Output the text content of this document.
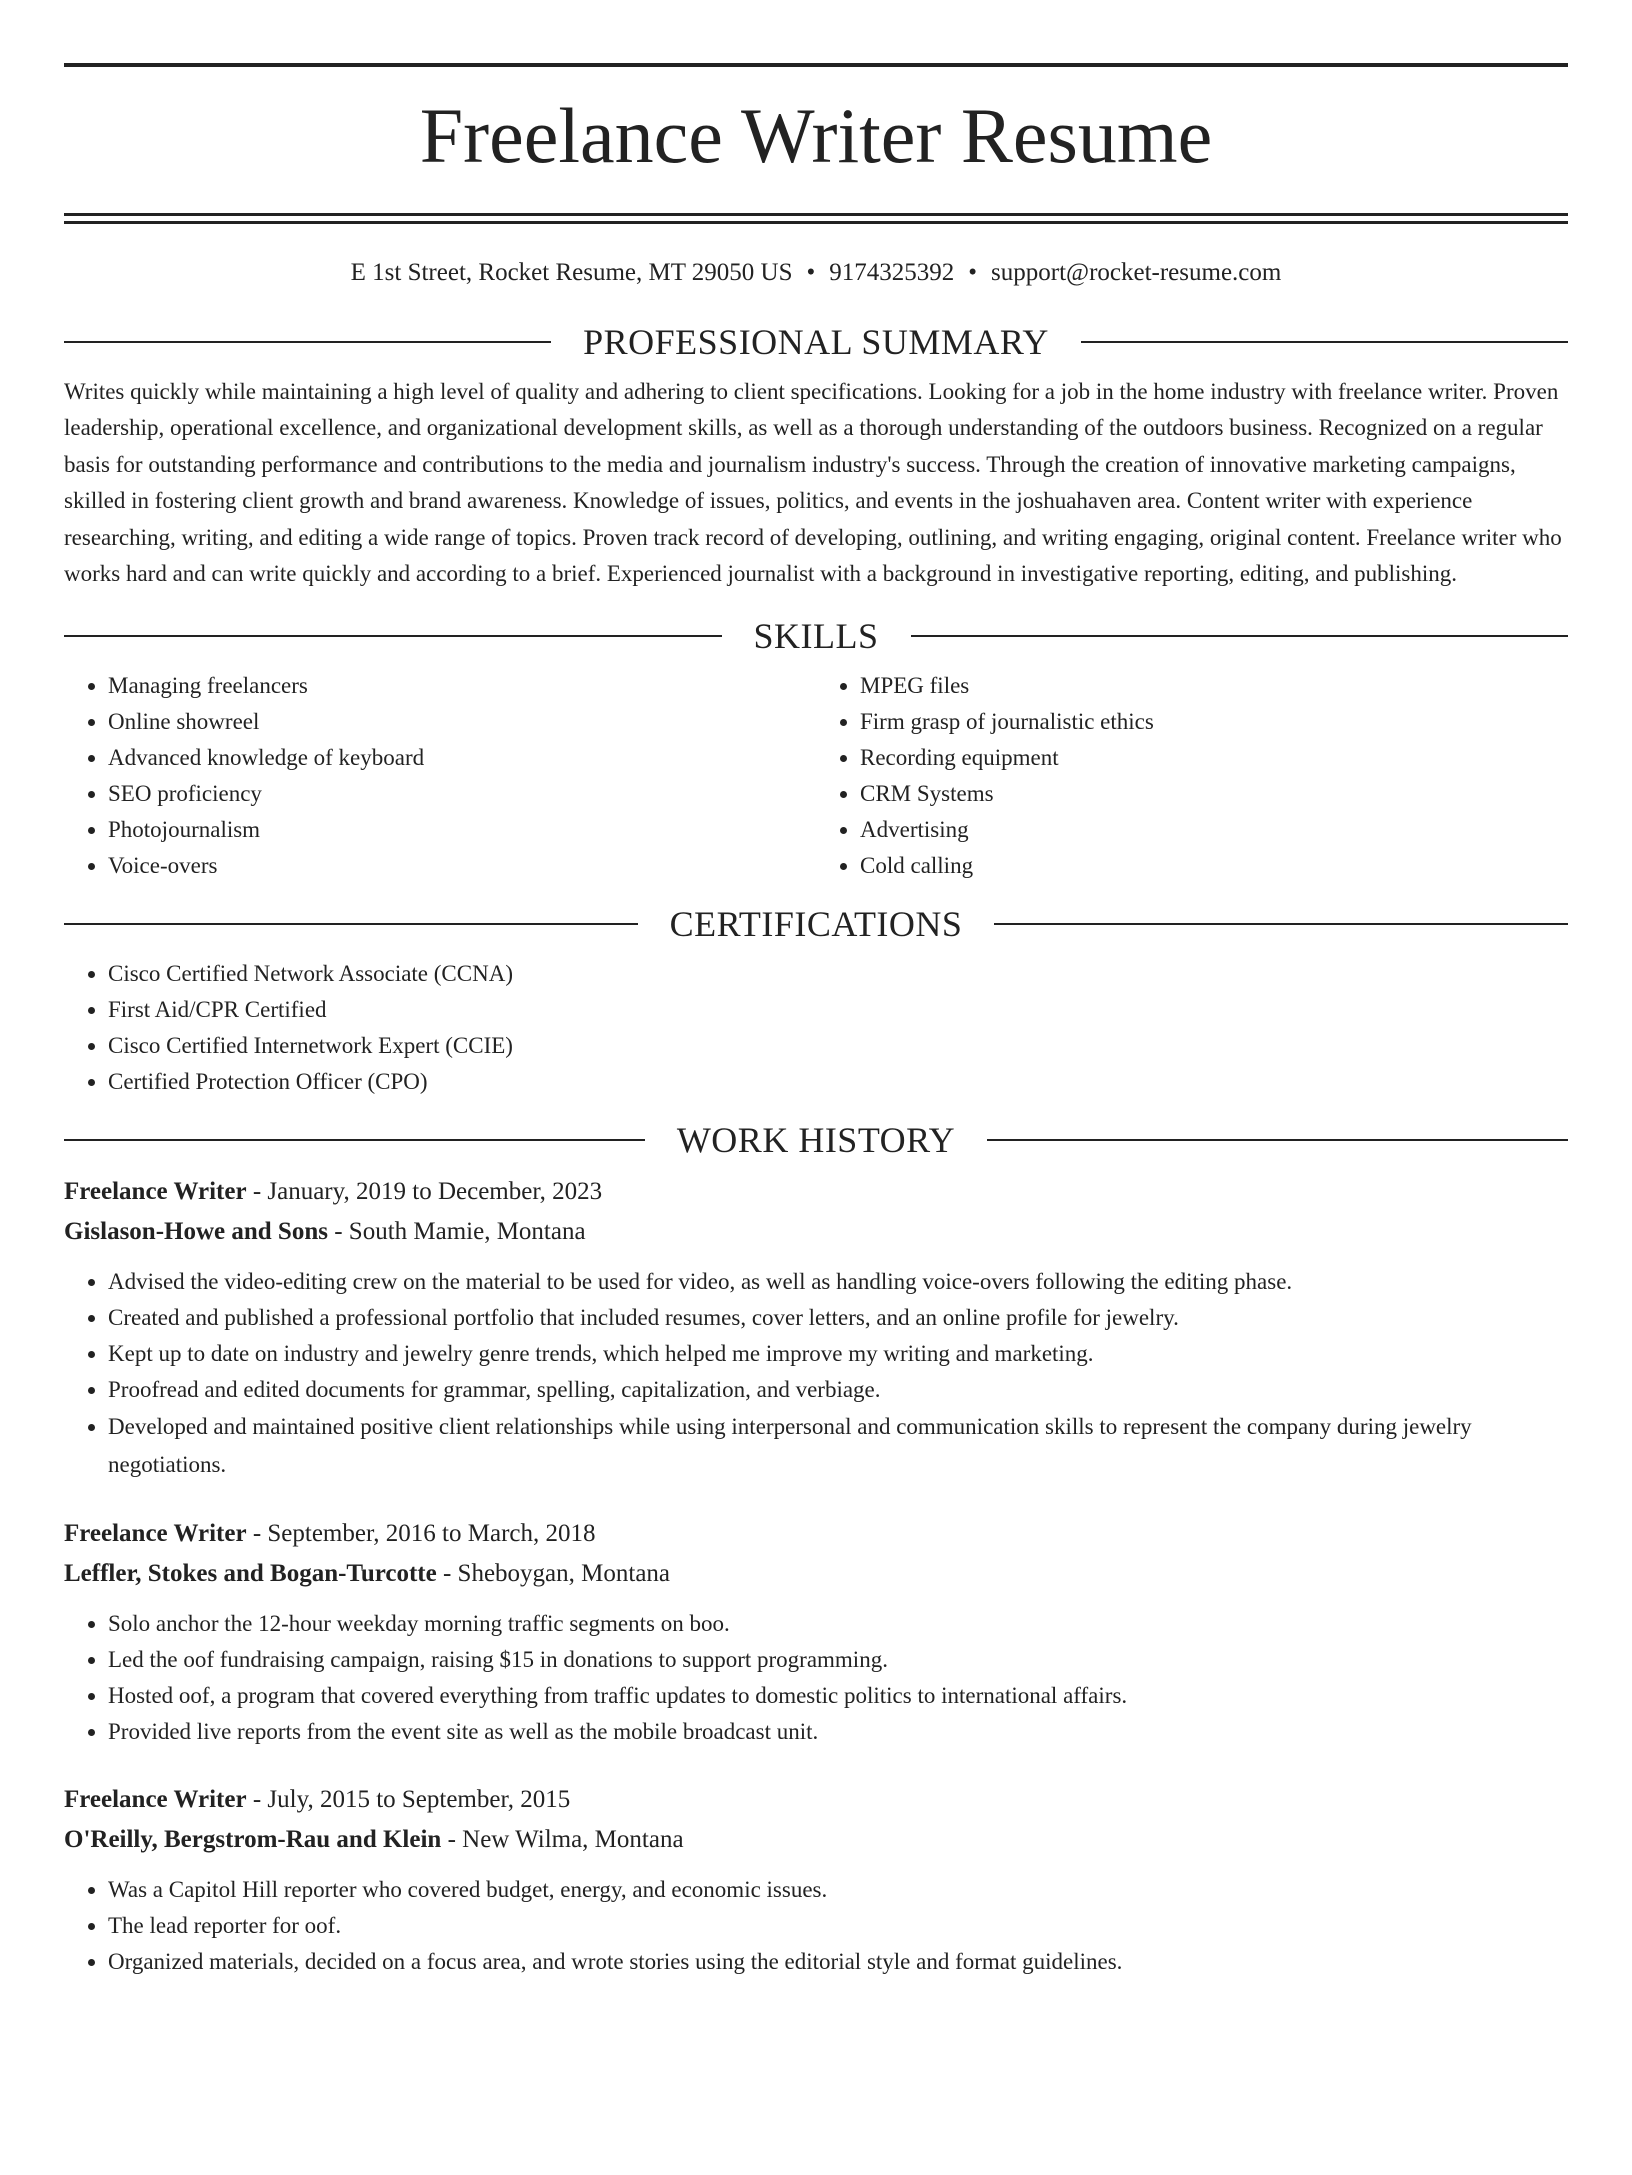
Freelance Writer Resume
E 1st Street, Rocket Resume, MT 29050 US • 9174325392 • support@rocket-resume.com
PROFESSIONAL SUMMARY

Writes quickly while maintaining a high level of quality and adhering to client specifications. Looking for a job in the home industry with freelance writer. Proven leadership, operational excellence, and organizational development skills, as well as a thorough understanding of the outdoors business. Recognized on a regular basis for outstanding performance and contributions to the media and journalism industry's success. Through the creation of innovative marketing campaigns, skilled in fostering client growth and brand awareness. Knowledge of issues, politics, and events in the joshuahaven area. Content writer with experience researching, writing, and editing a wide range of topics. Proven track record of developing, outlining, and writing engaging, original content. Freelance writer who works hard and can write quickly and according to a brief. Experienced journalist with a background in investigative reporting, editing, and publishing.

SKILLS
• Managing freelancers
• Online showreel
• Advanced knowledge of keyboard
• SEO proficiency
• Photojournalism
• Voice-overs
• MPEG files
• Firm grasp of journalistic ethics
• Recording equipment
• CRM Systems
• Advertising
• Cold calling
CERTIFICATIONS
• Cisco Certified Network Associate (CCNA)
• First Aid/CPR Certified
• Cisco Certified Internetwork Expert (CCIE)
• Certified Protection Officer (CPO)
WORK HISTORY
Freelance Writer - January, 2019 to December, 2023
Gislason-Howe and Sons - South Mamie, Montana
• Advised the video-editing crew on the material to be used for video, as well as handling voice-overs following the editing phase.
• Created and published a professional portfolio that included resumes, cover letters, and an online profile for jewelry.
• Kept up to date on industry and jewelry genre trends, which helped me improve my writing and marketing.
• Proofread and edited documents for grammar, spelling, capitalization, and verbiage.
• Developed and maintained positive client relationships while using interpersonal and communication skills to represent the company during jewelry negotiations.
Freelance Writer - September, 2016 to March, 2018
Leffler, Stokes and Bogan-Turcotte - Sheboygan, Montana
• Solo anchor the 12-hour weekday morning traffic segments on boo.
• Led the oof fundraising campaign, raising $15 in donations to support programming.
• Hosted oof, a program that covered everything from traffic updates to domestic politics to international affairs.
• Provided live reports from the event site as well as the mobile broadcast unit.
Freelance Writer - July, 2015 to September, 2015
O'Reilly, Bergstrom-Rau and Klein - New Wilma, Montana
• Was a Capitol Hill reporter who covered budget, energy, and economic issues.
• The lead reporter for oof.
• Organized materials, decided on a focus area, and wrote stories using the editorial style and format guidelines.
